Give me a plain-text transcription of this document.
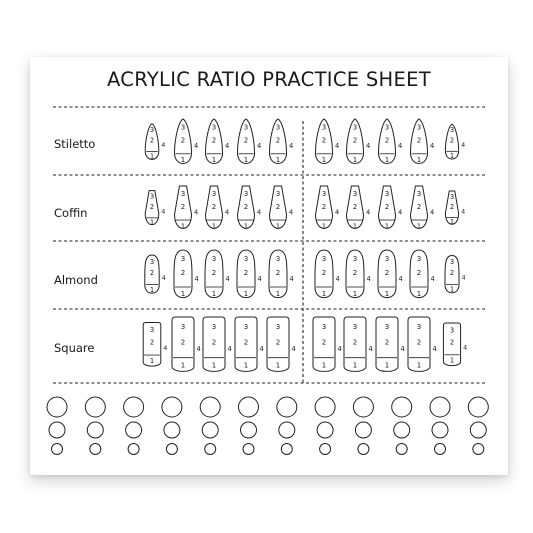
ACRYLIC RATIO PRACTICE SHEET
Stiletto
Coffin
Almond
Square
3
2
1
4
3
2
1
4
3
2
1
4
3
2
1
4
3
2
1
4
3
2
1
4
3
2
1
4
3
2
1
4
3
2
1
4
3
2
1
4
3
2
1
4
3
2
1
4
3
2
1
4
3
2
1
4
3
2
1
4
3
2
1
4
3
2
1
4
3
2
1
4
3
2
1
4
3
2
1
4
3
2
1
4
3
2
1
4
3
2
1
4
3
2
1
4
3
2
1
4
3
2
1
4
3
2
1
4
3
2
1
4
3
2
1
4
3
2
1
4
3
2
1
4
3
2
1
4
3
2
1
4
3
2
1
4
3
2
1
4
3
2
1
4
3
2
1
4
3
2
1
4
3
2
1
4
3
2
1
4
